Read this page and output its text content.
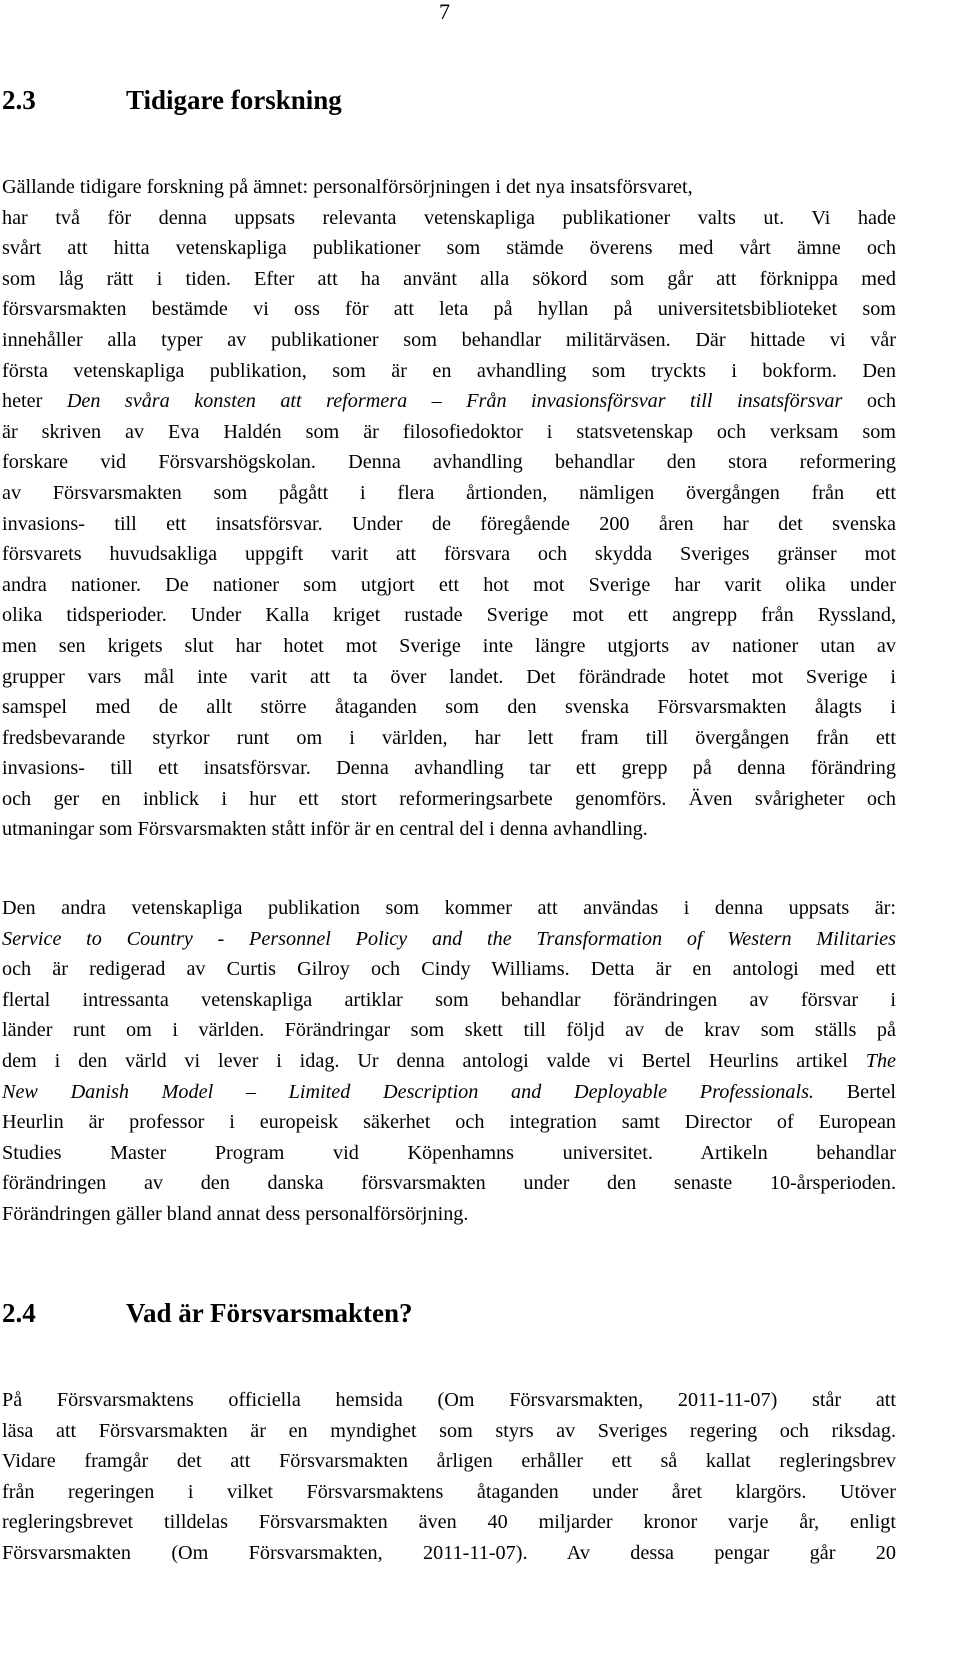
7
2.3	Tidigare forskning
Gällande tidigare forskning på ämnet: personalförsörjningen i det nya insatsförsvaret,
har två för denna uppsats relevanta vetenskapliga publikationer valts ut. Vi hade
svårt att hitta vetenskapliga publikationer som stämde överens med vårt ämne och
som låg rätt i tiden. Efter att ha använt alla sökord som går att förknippa med
försvarsmakten bestämde vi oss för att leta på hyllan på universitetsbiblioteket som
innehåller alla typer av publikationer som behandlar militärväsen. Där hittade vi vår
första vetenskapliga publikation, som är en avhandling som tryckts i bokform. Den
heter Den svåra konsten att reformera – Från invasionsförsvar till insatsförsvar och
är skriven av Eva Haldén som är filosofiedoktor i statsvetenskap och verksam som
forskare vid Försvarshögskolan. Denna avhandling behandlar den stora reformering
av Försvarsmakten som pågått i flera årtionden, nämligen övergången från ett
invasions- till ett insatsförsvar. Under de föregående 200 åren har det svenska
försvarets huvudsakliga uppgift varit att försvara och skydda Sveriges gränser mot
andra nationer. De nationer som utgjort ett hot mot Sverige har varit olika under
olika tidsperioder. Under Kalla kriget rustade Sverige mot ett angrepp från Ryssland,
men sen krigets slut har hotet mot Sverige inte längre utgjorts av nationer utan av
grupper vars mål inte varit att ta över landet. Det förändrade hotet mot Sverige i
samspel med de allt större åtaganden som den svenska Försvarsmakten ålagts i
fredsbevarande styrkor runt om i världen, har lett fram till övergången från ett
invasions- till ett insatsförsvar. Denna avhandling tar ett grepp på denna förändring
och ger en inblick i hur ett stort reformeringsarbete genomförs. Även svårigheter och
utmaningar som Försvarsmakten stått inför är en central del i denna avhandling.
Den andra vetenskapliga publikation som kommer att användas i denna uppsats är:
Service to Country - Personnel Policy and the Transformation of Western Militaries
och är redigerad av Curtis Gilroy och Cindy Williams. Detta är en antologi med ett
flertal intressanta vetenskapliga artiklar som behandlar förändringen av försvar i
länder runt om i världen. Förändringar som skett till följd av de krav som ställs på
dem i den värld vi lever i idag. Ur denna antologi valde vi Bertel Heurlins artikel The
New Danish Model – Limited Description and Deployable Professionals. Bertel
Heurlin är professor i europeisk säkerhet och integration samt Director of European
Studies Master Program vid Köpenhamns universitet. Artikeln behandlar
förändringen av den danska försvarsmakten under den senaste 10-årsperioden.
Förändringen gäller bland annat dess personalförsörjning.
2.4	Vad är Försvarsmakten?
På Försvarsmaktens officiella hemsida (Om Försvarsmakten, 2011-11-07) står att
läsa att Försvarsmakten är en myndighet som styrs av Sveriges regering och riksdag.
Vidare framgår det att Försvarsmakten årligen erhåller ett så kallat regleringsbrev
från regeringen i vilket Försvarsmaktens åtaganden under året klargörs. Utöver
regleringsbrevet tilldelas Försvarsmakten även 40 miljarder kronor varje år, enligt
Försvarsmakten (Om Försvarsmakten, 2011-11-07). Av dessa pengar går 20
